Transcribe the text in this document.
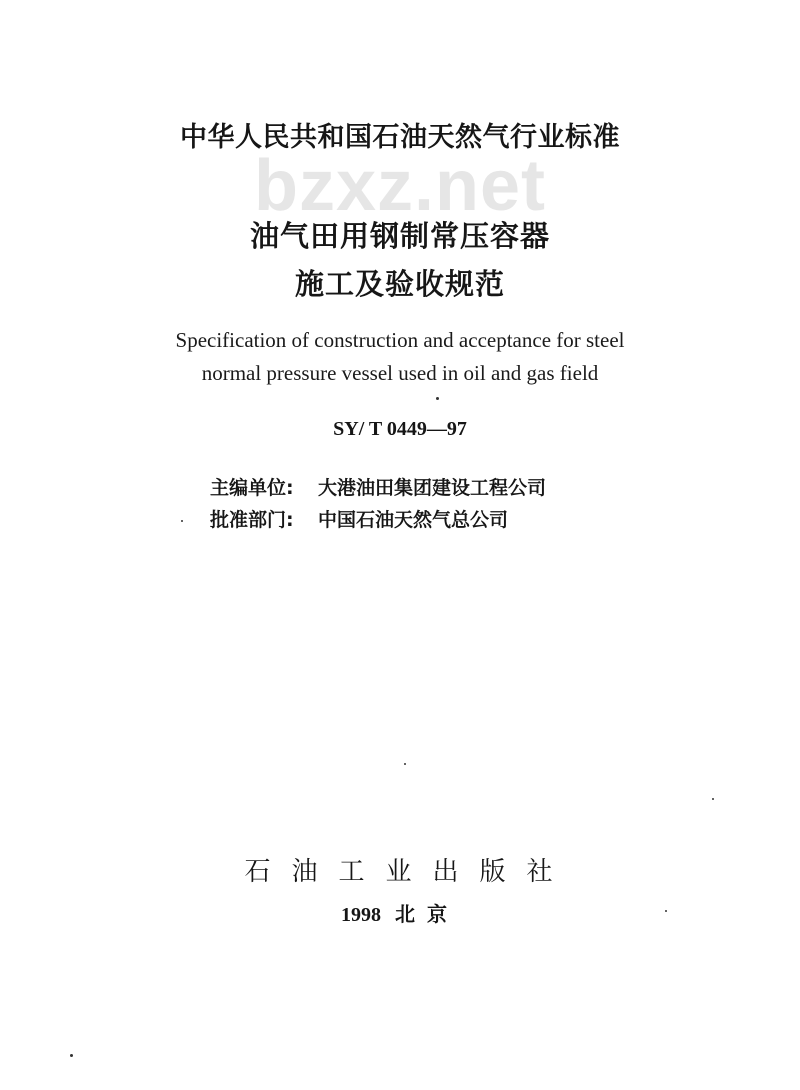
中华人民共和国石油天然气行业标准
bzxz.net
油气田用钢制常压容器
施工及验收规范
Specification of construction and acceptance for steel
normal pressure vessel used in oil and gas field
SY/ T 0449—97
主编单位: 大港油田集团建设工程公司
批准部门: 中国石油天然气总公司
石油工业出版社
1998 北京
